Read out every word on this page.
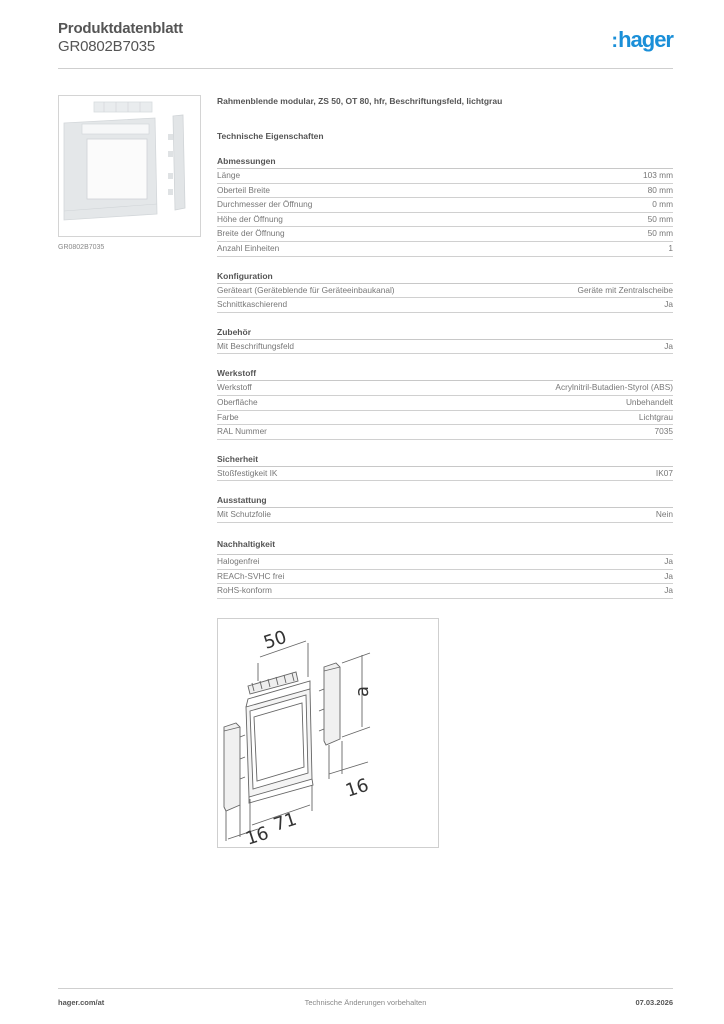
Produktdatenblatt
GR0802B7035	:hager
GR0802B7035
Rahmenblende modular, ZS 50, OT 80, hfr, Beschriftungsfeld, lichtgrau
Technische Eigenschaften
Abmessungen
Länge	103 mm
Oberteil Breite	80 mm
Durchmesser der Öffnung	0 mm
Höhe der Öffnung	50 mm
Breite der Öffnung	50 mm
Anzahl Einheiten	1
Konfiguration
Geräteart (Geräteblende für Geräteeinbaukanal)	Geräte mit Zentralscheibe
Schnittkaschierend	Ja
Zubehör
Mit Beschriftungsfeld	Ja
Werkstoff
Werkstoff	Acrylnitril-Butadien-Styrol (ABS)
Oberfläche	Unbehandelt
Farbe	Lichtgrau
RAL Nummer	7035
Sicherheit
Stoßfestigkeit IK	IK07
Ausstattung
Mit Schutzfolie	Nein
Nachhaltigkeit
Halogenfrei	Ja
REACh-SVHC frei	Ja
RoHS-konform	Ja
50
a
16
71
16
hager.com/at	Technische Änderungen vorbehalten	07.03.2026
